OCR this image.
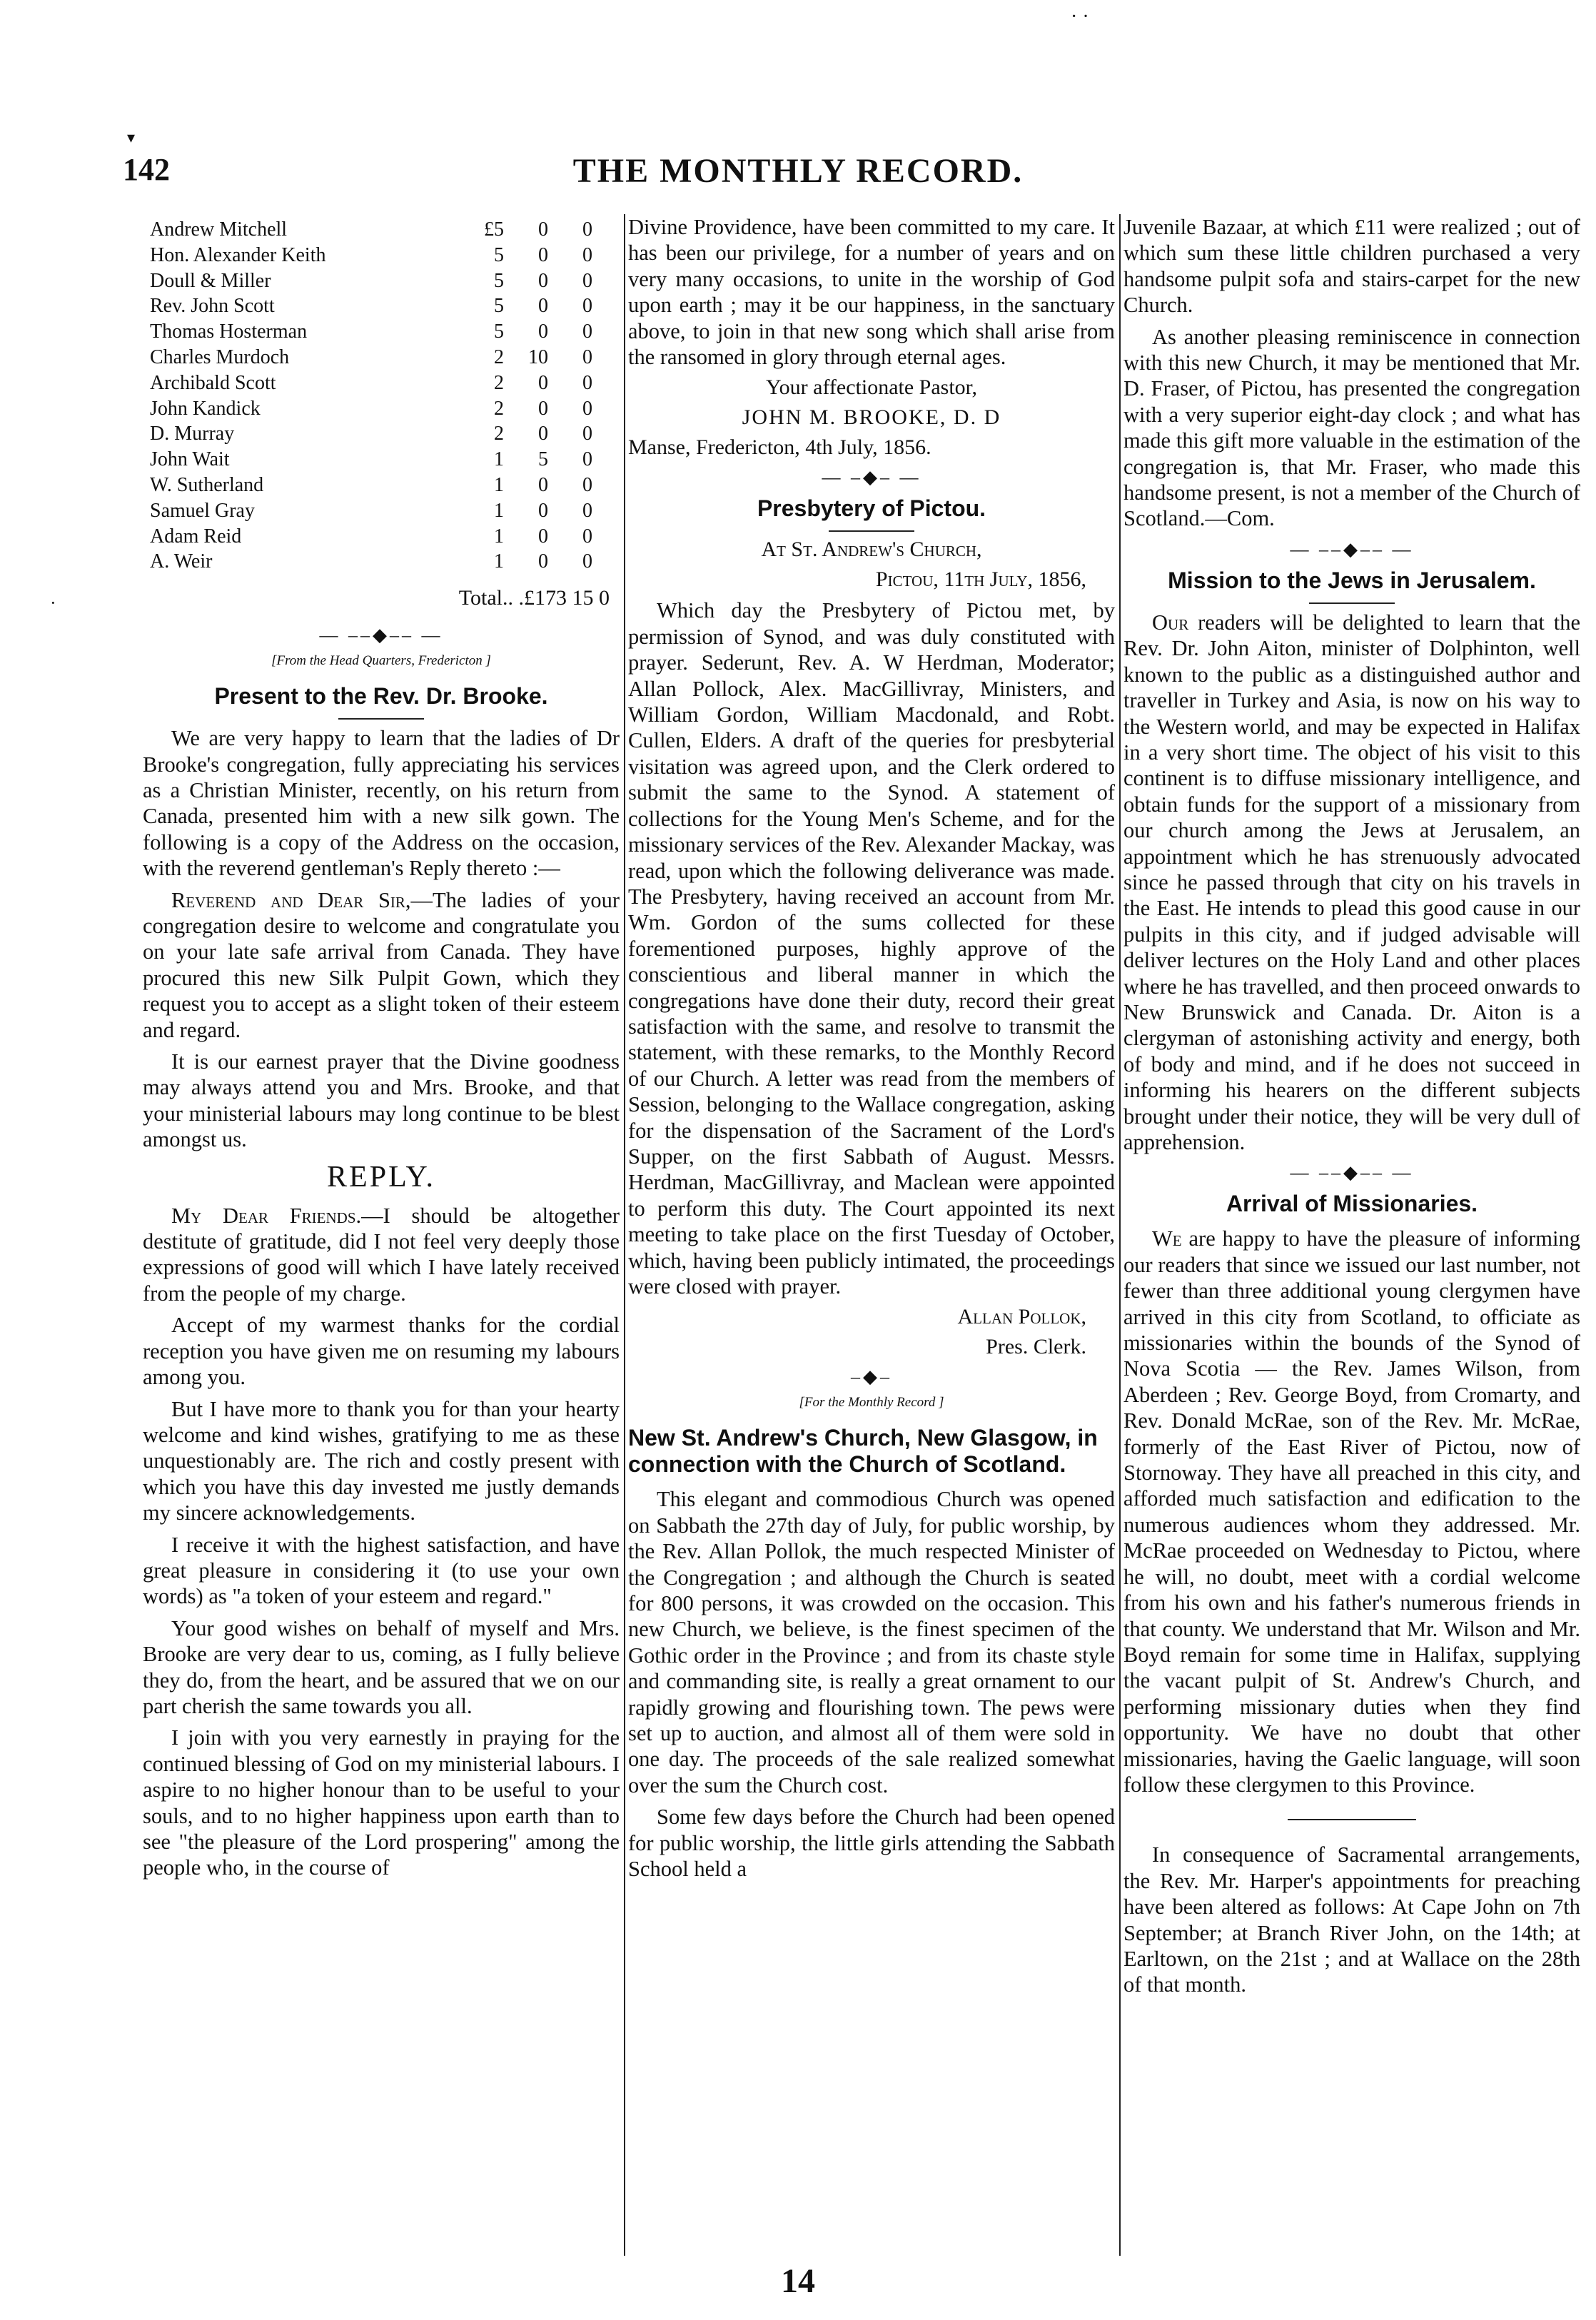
· ·
▾
·
142	THE MONTHLY RECORD.
Andrew Mitchell	£5	0	0
Hon. Alexander Keith	5	0	0
Doull & Miller	5	0	0
Rev. John Scott	5	0	0
Thomas Hosterman	5	0	0
Charles Murdoch	2	10	0
Archibald Scott	2	0	0
John Kandick	2	0	0
D. Murray	2	0	0
John Wait	1	5	0
W. Sutherland	1	0	0
Samuel Gray	1	0	0
Adam Reid	1	0	0
A. Weir	1	0	0
Total.. .£173 15 0
— ––◆–– —
[From the Head Quarters, Fredericton ]
Present to the Rev. Dr. Brooke.

We are very happy to learn that the ladies of Dr Brooke's congregation, fully appreciating his services as a Christian Minister, recently, on his return from Canada, presented him with a new silk gown. The following is a copy of the Address on the occasion, with the reverend gentleman's Reply thereto :—

Reverend and Dear Sir,—The ladies of your congregation desire to welcome and congratulate you on your late safe arrival from Canada. They have procured this new Silk Pulpit Gown, which they request you to accept as a slight token of their esteem and regard.

It is our earnest prayer that the Divine goodness may always attend you and Mrs. Brooke, and that your ministerial labours may long continue to be blest amongst us.

REPLY.

My Dear Friends.—I should be altogether destitute of gratitude, did I not feel very deeply those expressions of good will which I have lately received from the people of my charge.

Accept of my warmest thanks for the cordial reception you have given me on resuming my labours among you.

But I have more to thank you for than your hearty welcome and kind wishes, gratifying to me as these unquestionably are. The rich and costly present with which you have this day invested me justly demands my sincere acknowledgements.

I receive it with the highest satisfaction, and have great pleasure in considering it (to use your own words) as "a token of your esteem and regard."

Your good wishes on behalf of myself and Mrs. Brooke are very dear to us, coming, as I fully believe they do, from the heart, and be assured that we on our part cherish the same towards you all.

I join with you very earnestly in praying for the continued blessing of God on my ministerial labours. I aspire to no higher honour than to be useful to your souls, and to no higher happiness upon earth than to see "the pleasure of the Lord prospering" among the people who, in the course of

Divine Providence, have been committed to my care. It has been our privilege, for a number of years and on very many occasions, to unite in the worship of God upon earth ; may it be our happiness, in the sanctuary above, to join in that new song which shall arise from the ransomed in glory through eternal ages.

Your affectionate Pastor,
JOHN M. BROOKE, D. D
Manse, Fredericton, 4th July, 1856.
— –◆– —
Presbytery of Pictou.
At St. Andrew's Church,
Pictou, 11th July, 1856,

Which day the Presbytery of Pictou met, by permission of Synod, and was duly constituted with prayer. Sederunt, Rev. A. W Herdman, Moderator; Allan Pollock, Alex. MacGillivray, Ministers, and William Gordon, William Macdonald, and Robt. Cullen, Elders. A draft of the queries for presbyterial visitation was agreed upon, and the Clerk ordered to submit the same to the Synod. A statement of collections for the Young Men's Scheme, and for the missionary services of the Rev. Alexander Mackay, was read, upon which the following deliverance was made. The Presbytery, having received an account from Mr. Wm. Gordon of the sums collected for these forementioned purposes, highly approve of the conscientious and liberal manner in which the congregations have done their duty, record their great satisfaction with the same, and resolve to transmit the statement, with these remarks, to the Monthly Record of our Church. A letter was read from the members of Session, belonging to the Wallace congregation, asking for the dispensation of the Sacrament of the Lord's Supper, on the first Sabbath of August. Messrs. Herdman, MacGillivray, and Maclean were appointed to perform this duty. The Court appointed its next meeting to take place on the first Tuesday of October, which, having been publicly intimated, the proceedings were closed with prayer.

Allan Pollok,
Pres. Clerk.
–◆–
[For the Monthly Record ]
New St. Andrew's Church, New Glasgow, in connection with the Church of Scotland.

This elegant and commodious Church was opened on Sabbath the 27th day of July, for public worship, by the Rev. Allan Pollok, the much respected Minister of the Congregation ; and although the Church is seated for 800 persons, it was crowded on the occasion. This new Church, we believe, is the finest specimen of the Gothic order in the Province ; and from its chaste style and commanding site, is really a great ornament to our rapidly growing and flourishing town. The pews were set up to auction, and almost all of them were sold in one day. The proceeds of the sale realized somewhat over the sum the Church cost.

Some few days before the Church had been opened for public worship, the little girls attending the Sabbath School held a

Juvenile Bazaar, at which £11 were realized ; out of which sum these little children purchased a very handsome pulpit sofa and stairs-carpet for the new Church.

As another pleasing reminiscence in connection with this new Church, it may be mentioned that Mr. D. Fraser, of Pictou, has presented the congregation with a very superior eight-day clock ; and what has made this gift more valuable in the estimation of the congregation is, that Mr. Fraser, who made this handsome present, is not a member of the Church of Scotland.—Com.

— ––◆–– —
Mission to the Jews in Jerusalem.

Our readers will be delighted to learn that the Rev. Dr. John Aiton, minister of Dolphinton, well known to the public as a distinguished author and traveller in Turkey and Asia, is now on his way to the Western world, and may be expected in Halifax in a very short time. The object of his visit to this continent is to diffuse missionary intelligence, and obtain funds for the support of a missionary from our church among the Jews at Jerusalem, an appointment which he has strenuously advocated since he passed through that city on his travels in the East. He intends to plead this good cause in our pulpits in this city, and if judged advisable will deliver lectures on the Holy Land and other places where he has travelled, and then proceed onwards to New Brunswick and Canada. Dr. Aiton is a clergyman of astonishing activity and energy, both of body and mind, and if he does not succeed in informing his hearers on the different subjects brought under their notice, they will be very dull of apprehension.

— ––◆–– —
Arrival of Missionaries.

We are happy to have the pleasure of informing our readers that since we issued our last number, not fewer than three additional young clergymen have arrived in this city from Scotland, to officiate as missionaries within the bounds of the Synod of Nova Scotia — the Rev. James Wilson, from Aberdeen ; Rev. George Boyd, from Cromarty, and Rev. Donald McRae, son of the Rev. Mr. McRae, formerly of the East River of Pictou, now of Stornoway. They have all preached in this city, and afforded much satisfaction and edification to the numerous audiences whom they addressed. Mr. McRae proceeded on Wednesday to Pictou, where he will, no doubt, meet with a cordial welcome from his own and his father's numerous friends in that county. We understand that Mr. Wilson and Mr. Boyd remain for some time in Halifax, supplying the vacant pulpit of St. Andrew's Church, and performing missionary duties when they find opportunity. We have no doubt that other missionaries, having the Gaelic language, will soon follow these clergymen to this Province.

In consequence of Sacramental arrangements, the Rev. Mr. Harper's appointments for preaching have been altered as follows: At Cape John on 7th September; at Branch River John, on the 14th; at Earltown, on the 21st ; and at Wallace on the 28th of that month.

14
